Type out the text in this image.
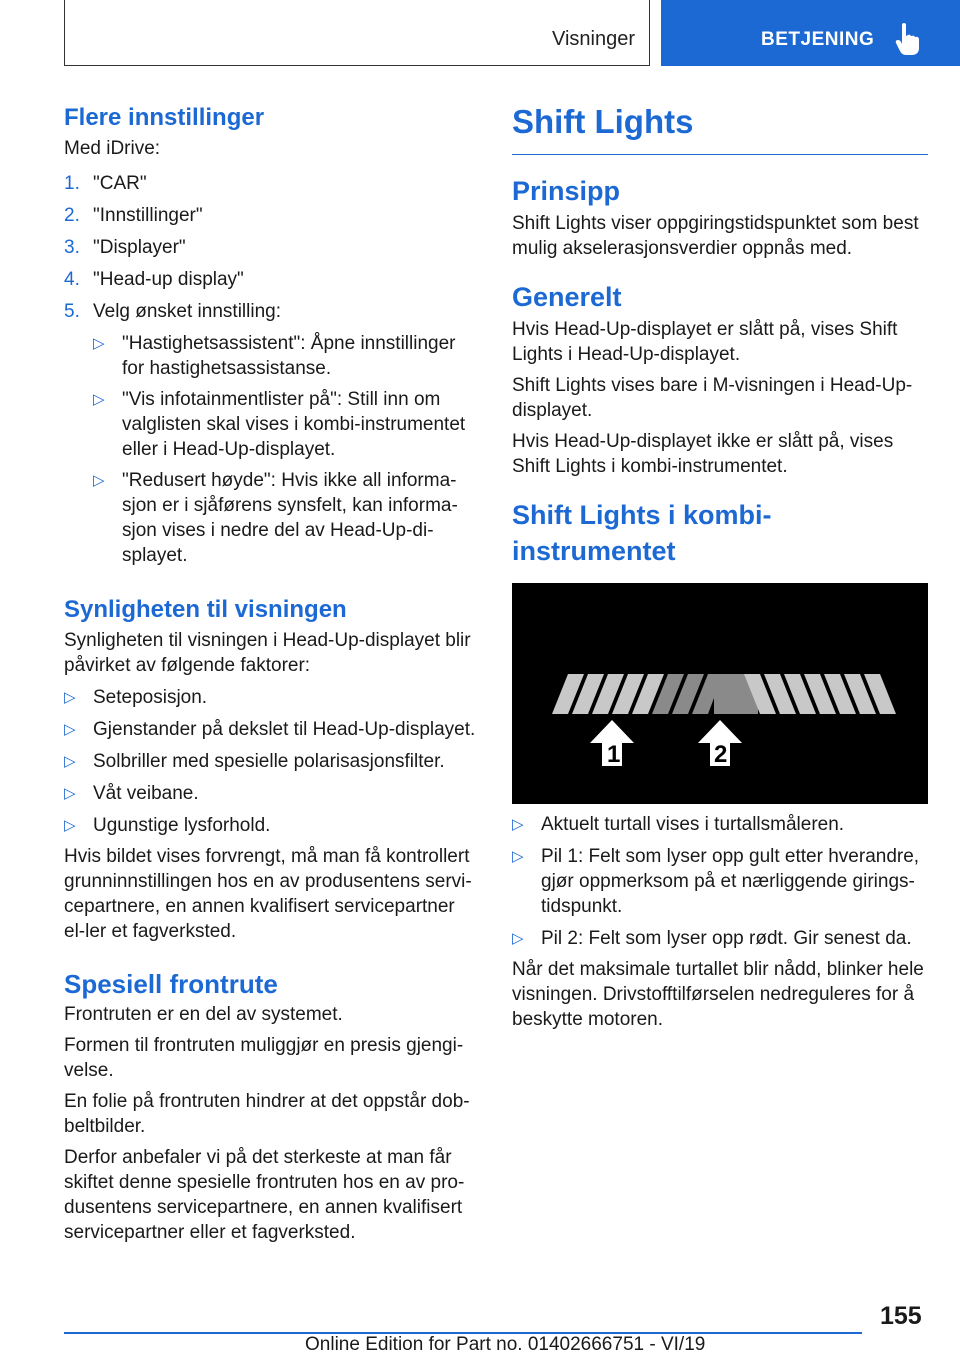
Visninger	BETJENING
Flere innstillinger

Med iDrive:

1. "CAR"
2. "Innstillinger"
3. "Displayer"
4. "Head-up display"
5. Velg ønsket innstilling:
▷ "Hastighetsassistent": Åpne innstillinger for hastighetsassistanse.
▷ "Vis infotainmentlister på": Still inn om valglisten skal vises i kombi-instrumentet eller i Head-Up-displayet.
▷ "Redusert høyde": Hvis ikke all informa-sjon er i sjåførens synsfelt, kan informa-sjon vises i nedre del av Head-Up-di-splayet.
Synligheten til visningen

Synligheten til visningen i Head-Up-displayet blir påvirket av følgende faktorer:

▷ Seteposisjon.
▷ Gjenstander på dekslet til Head-Up-displayet.
▷ Solbriller med spesielle polarisasjonsfilter.
▷ Våt veibane.
▷ Ugunstige lysforhold.

Hvis bildet vises forvrengt, må man få kontrollert grunninnstillingen hos en av produsentens servi-cepartnere, en annen kvalifisert servicepartner el-ler et fagverksted.

Spesiell frontrute

Frontruten er en del av systemet.

Formen til frontruten muliggjør en presis gjengi-velse.

En folie på frontruten hindrer at det oppstår dob-beltbilder.

Derfor anbefaler vi på det sterkeste at man får skiftet denne spesielle frontruten hos en av pro-dusentens servicepartnere, en annen kvalifisert servicepartner eller et fagverksted.

Shift Lights
Prinsipp

Shift Lights viser oppgiringstidspunktet som best mulig akselerasjonsverdier oppnås med.

Generelt

Hvis Head-Up-displayet er slått på, vises Shift Lights i Head-Up-displayet.

Shift Lights vises bare i M-visningen i Head-Up-displayet.

Hvis Head-Up-displayet ikke er slått på, vises Shift Lights i kombi-instrumentet.

Shift Lights i kombi-instrumentet
1	2
▷ Aktuelt turtall vises i turtallsmåleren.
▷ Pil 1: Felt som lyser opp gult etter hverandre, gjør oppmerksom på et nærliggende girings-tidspunkt.
▷ Pil 2: Felt som lyser opp rødt. Gir senest da.

Når det maksimale turtallet blir nådd, blinker hele visningen. Drivstofftilførselen nedreguleres for å beskytte motoren.

155
Online Edition for Part no. 01402666751 - VI/19
